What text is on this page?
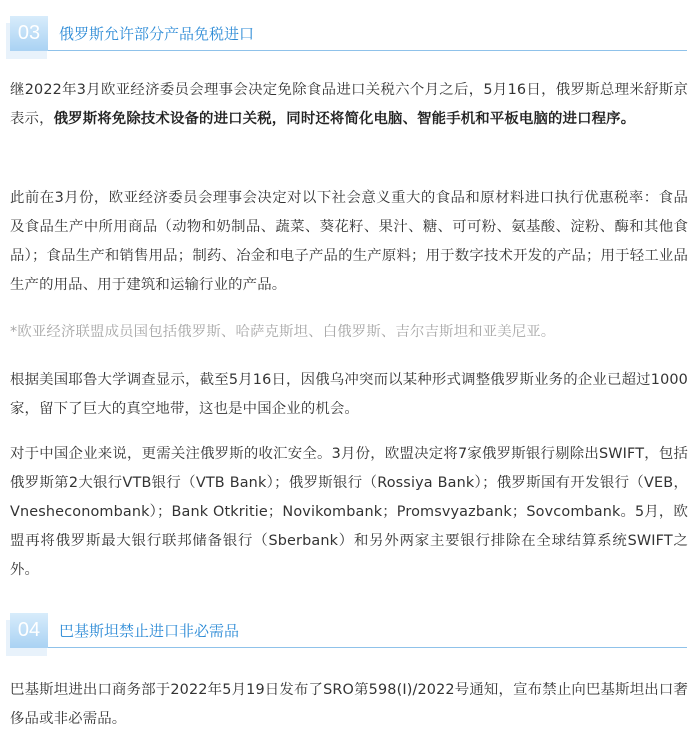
03	俄罗斯允许部分产品免税进口

继2022年3月欧亚经济委员会理事会决定免除食品进口关税六个月之后，5月16日，俄罗斯总理米舒斯京表示，俄罗斯将免除技术设备的进口关税，同时还将简化电脑、智能手机和平板电脑的进口程序。

此前在3月份，欧亚经济委员会理事会决定对以下社会意义重大的食品和原材料进口执行优惠税率：食品及食品生产中所用商品（动物和奶制品、蔬菜、葵花籽、果汁、糖、可可粉、氨基酸、淀粉、酶和其他食品）；食品生产和销售用品；制药、冶金和电子产品的生产原料；用于数字技术开发的产品；用于轻工业品生产的用品、用于建筑和运输行业的产品。

*欧亚经济联盟成员国包括俄罗斯、哈萨克斯坦、白俄罗斯、吉尔吉斯坦和亚美尼亚。

根据美国耶鲁大学调查显示，截至5月16日，因俄乌冲突而以某种形式调整俄罗斯业务的企业已超过1000家，留下了巨大的真空地带，这也是中国企业的机会。

对于中国企业来说，更需关注俄罗斯的收汇安全。3月份，欧盟决定将7家俄罗斯银行剔除出SWIFT，包括俄罗斯第2大银行VTB银行（VTB Bank）；俄罗斯银行（Rossiya Bank）；俄罗斯国有开发银行（VEB，Vnesheconombank）；Bank Otkritie；Novikombank；Promsvyazbank；Sovcombank。5月，欧盟再将俄罗斯最大银行联邦储备银行（Sberbank）和另外两家主要银行排除在全球结算系统SWIFT之外。

04	巴基斯坦禁止进口非必需品

巴基斯坦进出口商务部于2022年5月19日发布了SRO第598(I)/2022号通知，宣布禁止向巴基斯坦出口奢侈品或非必需品。
